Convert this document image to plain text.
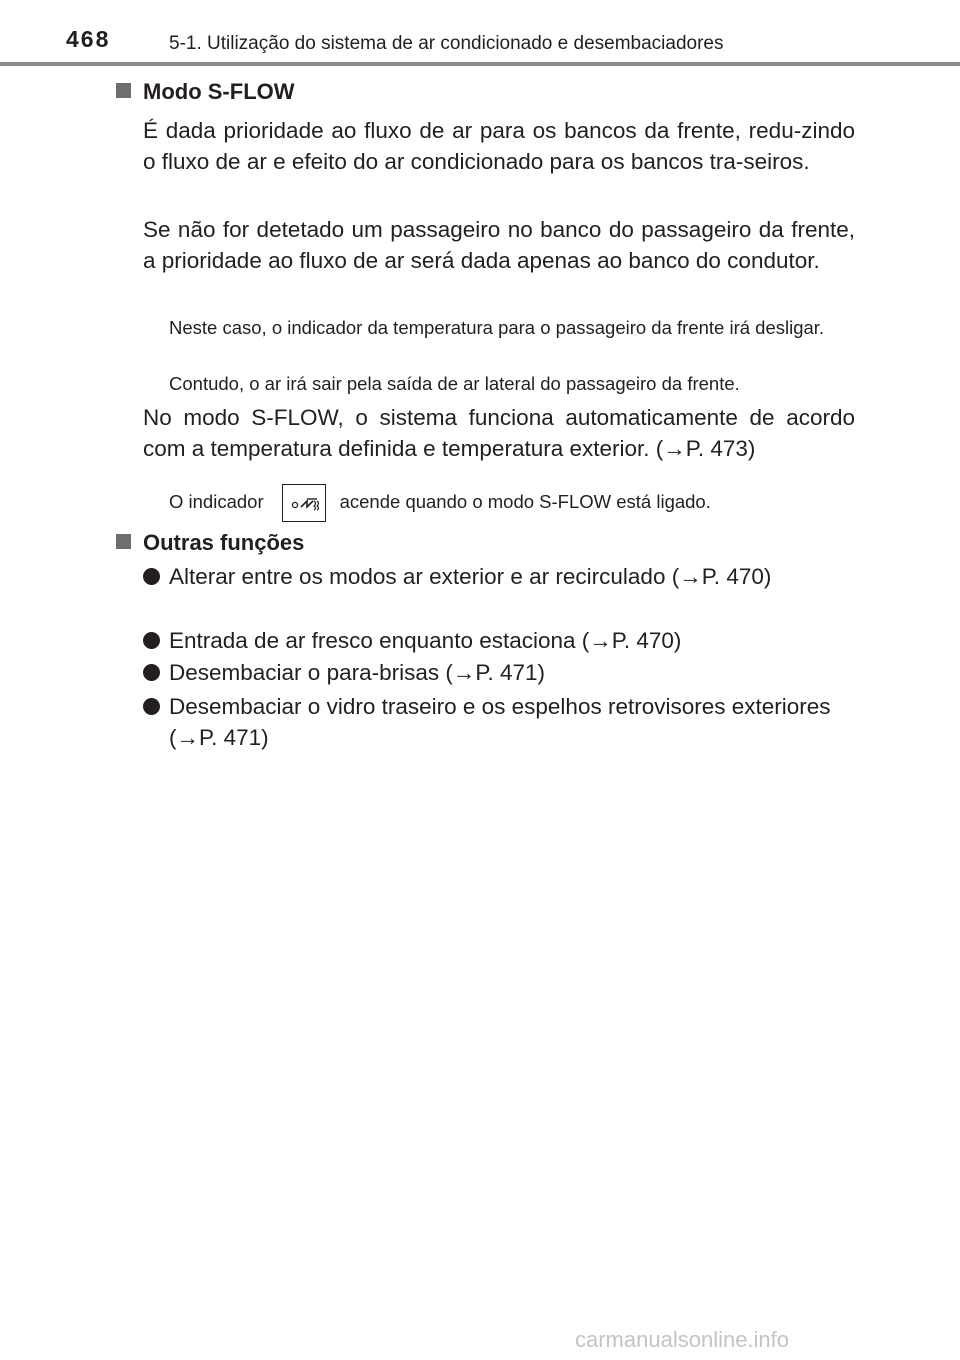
468	5-1. Utilização do sistema de ar condicionado e desembaciadores
Modo S-FLOW

É dada prioridade ao fluxo de ar para os bancos da frente, redu-zindo o fluxo de ar e efeito do ar condicionado para os bancos tra-seiros.

Se não for detetado um passageiro no banco do passageiro da frente, a prioridade ao fluxo de ar será dada apenas ao banco do condutor.

Neste caso, o indicador da temperatura para o passageiro da frente irá desligar.

Contudo, o ar irá sair pela saída de ar lateral do passageiro da frente.

No modo S-FLOW, o sistema funciona automaticamente de acordo com a temperatura definida e temperatura exterior. (→P. 473)

O indicador	acende quando o modo S-FLOW está ligado.
Outras funções
Alterar entre os modos ar exterior e ar recirculado (→P. 470)
Entrada de ar fresco enquanto estaciona (→P. 470)
Desembaciar o para-brisas (→P. 471)
Desembaciar o vidro traseiro e os espelhos retrovisores exteriores (→P. 471)
carmanualsonline.info
